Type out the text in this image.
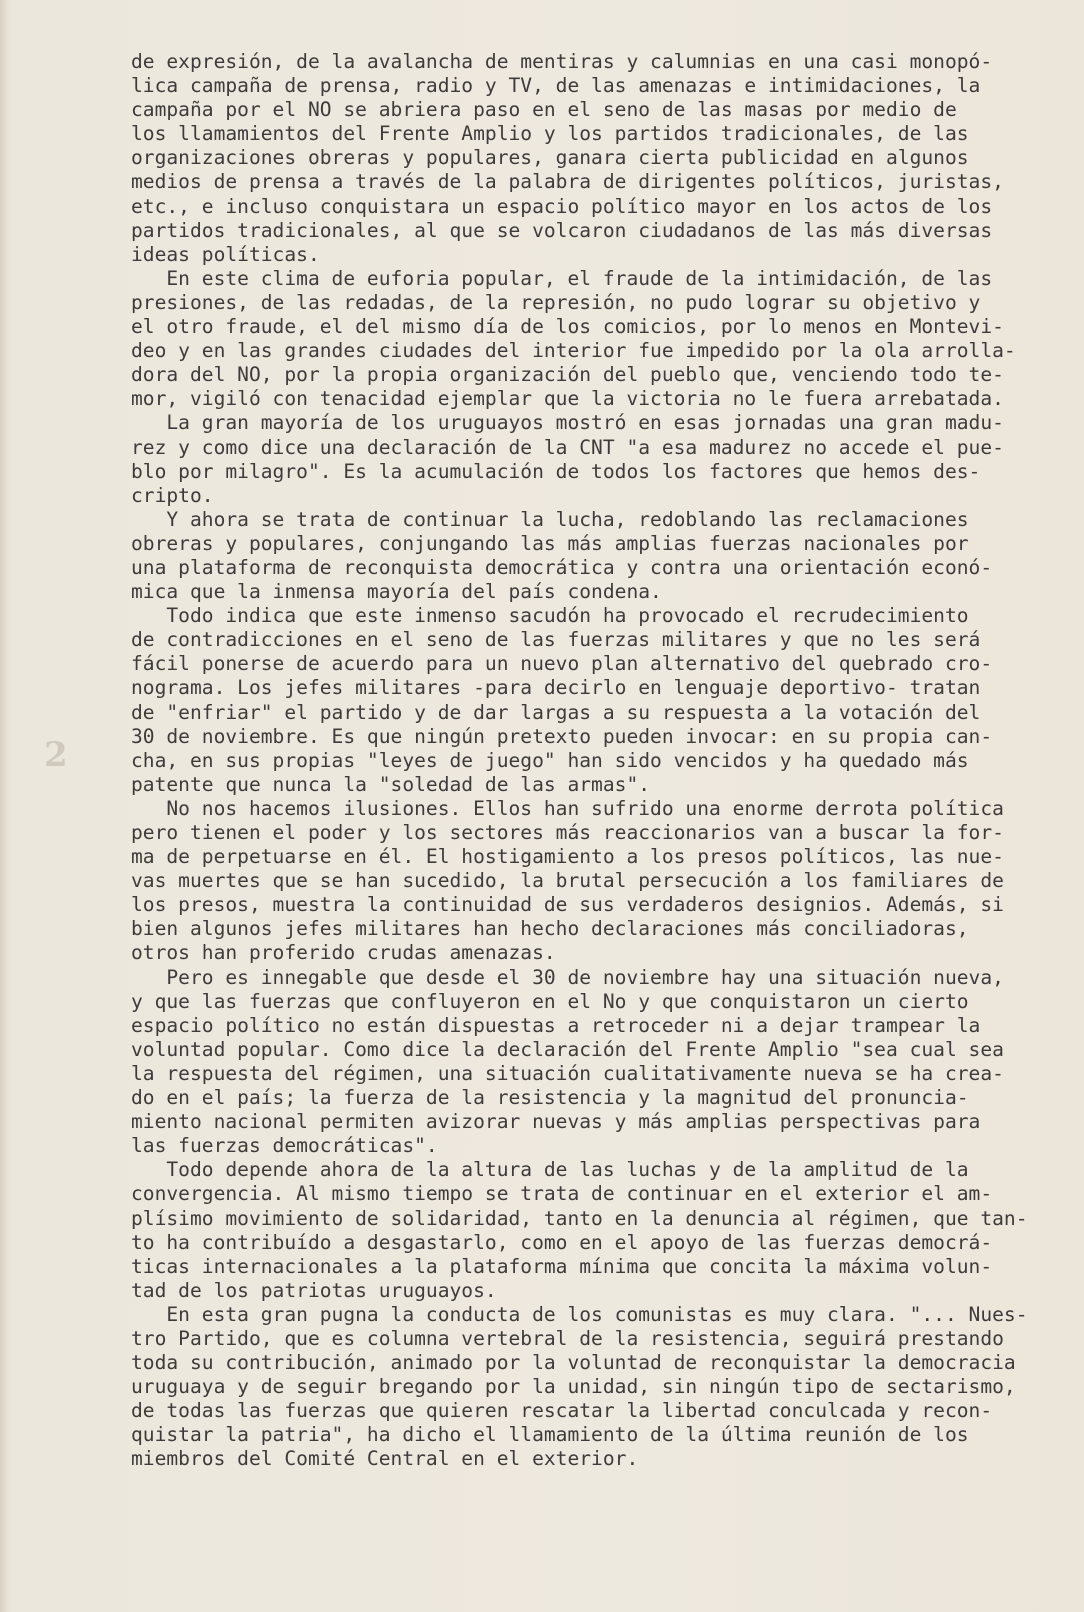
2
de expresión, de la avalancha de mentiras y calumnias en una casi monopó-
lica campaña de prensa, radio y TV, de las amenazas e intimidaciones, la
campaña por el NO se abriera paso en el seno de las masas por medio de
los llamamientos del Frente Amplio y los partidos tradicionales, de las
organizaciones obreras y populares, ganara cierta publicidad en algunos
medios de prensa a través de la palabra de dirigentes políticos, juristas,
etc., e incluso conquistara un espacio político mayor en los actos de los
partidos tradicionales, al que se volcaron ciudadanos de las más diversas
ideas políticas.
En este clima de euforia popular, el fraude de la intimidación, de las
presiones, de las redadas, de la represión, no pudo lograr su objetivo y
el otro fraude, el del mismo día de los comicios, por lo menos en Montevi-
deo y en las grandes ciudades del interior fue impedido por la ola arrolla-
dora del NO, por la propia organización del pueblo que, venciendo todo te-
mor, vigiló con tenacidad ejemplar que la victoria no le fuera arrebatada.
La gran mayoría de los uruguayos mostró en esas jornadas una gran madu-
rez y como dice una declaración de la CNT "a esa madurez no accede el pue-
blo por milagro". Es la acumulación de todos los factores que hemos des-
cripto.
Y ahora se trata de continuar la lucha, redoblando las reclamaciones
obreras y populares, conjungando las más amplias fuerzas nacionales por
una plataforma de reconquista democrática y contra una orientación econó-
mica que la inmensa mayoría del país condena.
Todo indica que este inmenso sacudón ha provocado el recrudecimiento
de contradicciones en el seno de las fuerzas militares y que no les será
fácil ponerse de acuerdo para un nuevo plan alternativo del quebrado cro-
nograma. Los jefes militares -para decirlo en lenguaje deportivo- tratan
de "enfriar" el partido y de dar largas a su respuesta a la votación del
30 de noviembre. Es que ningún pretexto pueden invocar: en su propia can-
cha, en sus propias "leyes de juego" han sido vencidos y ha quedado más
patente que nunca la "soledad de las armas".
No nos hacemos ilusiones. Ellos han sufrido una enorme derrota política
pero tienen el poder y los sectores más reaccionarios van a buscar la for-
ma de perpetuarse en él. El hostigamiento a los presos políticos, las nue-
vas muertes que se han sucedido, la brutal persecución a los familiares de
los presos, muestra la continuidad de sus verdaderos designios. Además, si
bien algunos jefes militares han hecho declaraciones más conciliadoras,
otros han proferido crudas amenazas.
Pero es innegable que desde el 30 de noviembre hay una situación nueva,
y que las fuerzas que confluyeron en el No y que conquistaron un cierto
espacio político no están dispuestas a retroceder ni a dejar trampear la
voluntad popular. Como dice la declaración del Frente Amplio "sea cual sea
la respuesta del régimen, una situación cualitativamente nueva se ha crea-
do en el país; la fuerza de la resistencia y la magnitud del pronuncia-
miento nacional permiten avizorar nuevas y más amplias perspectivas para
las fuerzas democráticas".
Todo depende ahora de la altura de las luchas y de la amplitud de la
convergencia. Al mismo tiempo se trata de continuar en el exterior el am-
plísimo movimiento de solidaridad, tanto en la denuncia al régimen, que tan-
to ha contribuído a desgastarlo, como en el apoyo de las fuerzas democrá-
ticas internacionales a la plataforma mínima que concita la máxima volun-
tad de los patriotas uruguayos.
En esta gran pugna la conducta de los comunistas es muy clara. "... Nues-
tro Partido, que es columna vertebral de la resistencia, seguirá prestando
toda su contribución, animado por la voluntad de reconquistar la democracia
uruguaya y de seguir bregando por la unidad, sin ningún tipo de sectarismo,
de todas las fuerzas que quieren rescatar la libertad conculcada y recon-
quistar la patria", ha dicho el llamamiento de la última reunión de los
miembros del Comité Central en el exterior.
